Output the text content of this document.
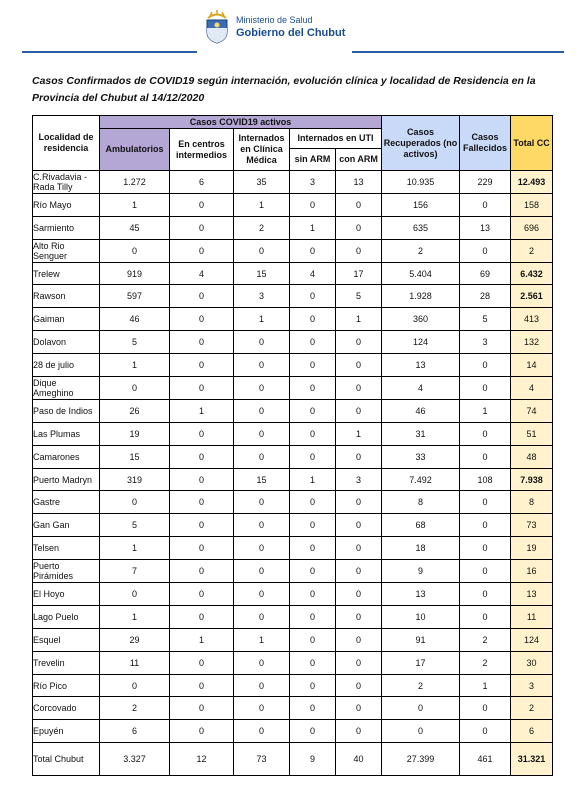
Ministerio de Salud
Gobierno del Chubut
Casos Confirmados de COVID19 según internación, evolución clínica y localidad de Residencia en la Provincia del Chubut al 14/12/2020
Localidad de residencia	Casos COVID19 activos					Casos Recuperados (no activos)	Casos Fallecidos	Total CC
	Ambulatorios	En centros intermedios	Internados en Clínica Médica	Internados en UTI				
				sin ARM	con ARM			
C.Rivadavia - Rada Tilly	1.272	6	35	3	13	10.935	229	12.493
Río Mayo	1	0	1	0	0	156	0	158
Sarmiento	45	0	2	1	0	635	13	696
Alto Rio Senguer	0	0	0	0	0	2	0	2
Trelew	919	4	15	4	17	5.404	69	6.432
Rawson	597	0	3	0	5	1.928	28	2.561
Gaiman	46	0	1	0	1	360	5	413
Dolavon	5	0	0	0	0	124	3	132
28 de julio	1	0	0	0	0	13	0	14
Dique Ameghino	0	0	0	0	0	4	0	4
Paso de Indios	26	1	0	0	0	46	1	74
Las Plumas	19	0	0	0	1	31	0	51
Camarones	15	0	0	0	0	33	0	48
Puerto Madryn	319	0	15	1	3	7.492	108	7.938
Gastre	0	0	0	0	0	8	0	8
Gan Gan	5	0	0	0	0	68	0	73
Telsen	1	0	0	0	0	18	0	19
Puerto Pirámides	7	0	0	0	0	9	0	16
El Hoyo	0	0	0	0	0	13	0	13
Lago Puelo	1	0	0	0	0	10	0	11
Esquel	29	1	1	0	0	91	2	124
Trevelin	11	0	0	0	0	17	2	30
Río Pico	0	0	0	0	0	2	1	3
Corcovado	2	0	0	0	0	0	0	2
Epuyén	6	0	0	0	0	0	0	6
Total Chubut	3.327	12	73	9	40	27.399	461	31.321
